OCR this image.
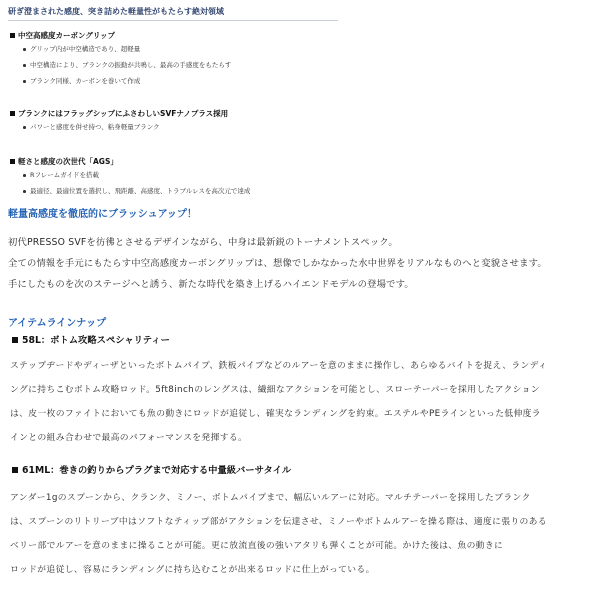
研ぎ澄まされた感度、突き詰めた軽量性がもたらす絶対領域
中空高感度カーボングリップ
グリップ内が中空構造であり、超軽量
中空構造により、ブランクの振動が共鳴し、最高の手感度をもたらす
ブランク同様、カーボンを巻いて作成
ブランクにはフラッグシップにふさわしいSVFナノプラス採用
パワーと感度を併せ持つ、粘身軽量ブランク
軽さと感度の次世代「AGS」
Rフレームガイドを搭載
最適径、最適位置を選択し、飛距離、高感度、トラブルレスを高次元で達成
軽量高感度を徹底的にブラッシュアップ！
初代PRESSO SVFを彷彿とさせるデザインながら、中身は最新鋭のトーナメントスペック。
全ての情報を手元にもたらす中空高感度カーボングリップは、想像でしかなかった水中世界をリアルなものへと変貌させます。
手にしたものを次のステージへと誘う、新たな時代を築き上げるハイエンドモデルの登場です。
アイテムラインナップ
58L：ボトム攻略スペシャリティー
ステップヂードやディーザといったボトムパイプ、鉄板パイプなどのルアーを意のままに操作し、あらゆるバイトを捉え、ランディ
ングに持ちこむボトム攻略ロッド。5ft8inchのレングスは、繊細なアクションを可能とし、スローテーパーを採用したアクション
は、皮一枚のファイトにおいても魚の動きにロッドが追従し、確実なランディングを約束。エステルやPEラインといった低伸度ラ
インとの組み合わせで最高のパフォーマンスを発揮する。
61ML：巻きの釣りからプラグまで対応する中量級バーサタイル
アンダー1gのスプーンから、クランク、ミノー、ボトムパイプまで、幅広いルアーに対応。マルチテーパーを採用したブランク
は、スプーンのリトリーブ中はソフトなティップ部がアクションを伝達させ、ミノーやボトムルアーを操る際は、適度に張りのある
ベリー部でルアーを意のままに操ることが可能。更に放流直後の強いアタリも弾くことが可能。かけた後は、魚の動きに
ロッドが追従し、容易にランディングに持ち込むことが出来るロッドに仕上がっている。
